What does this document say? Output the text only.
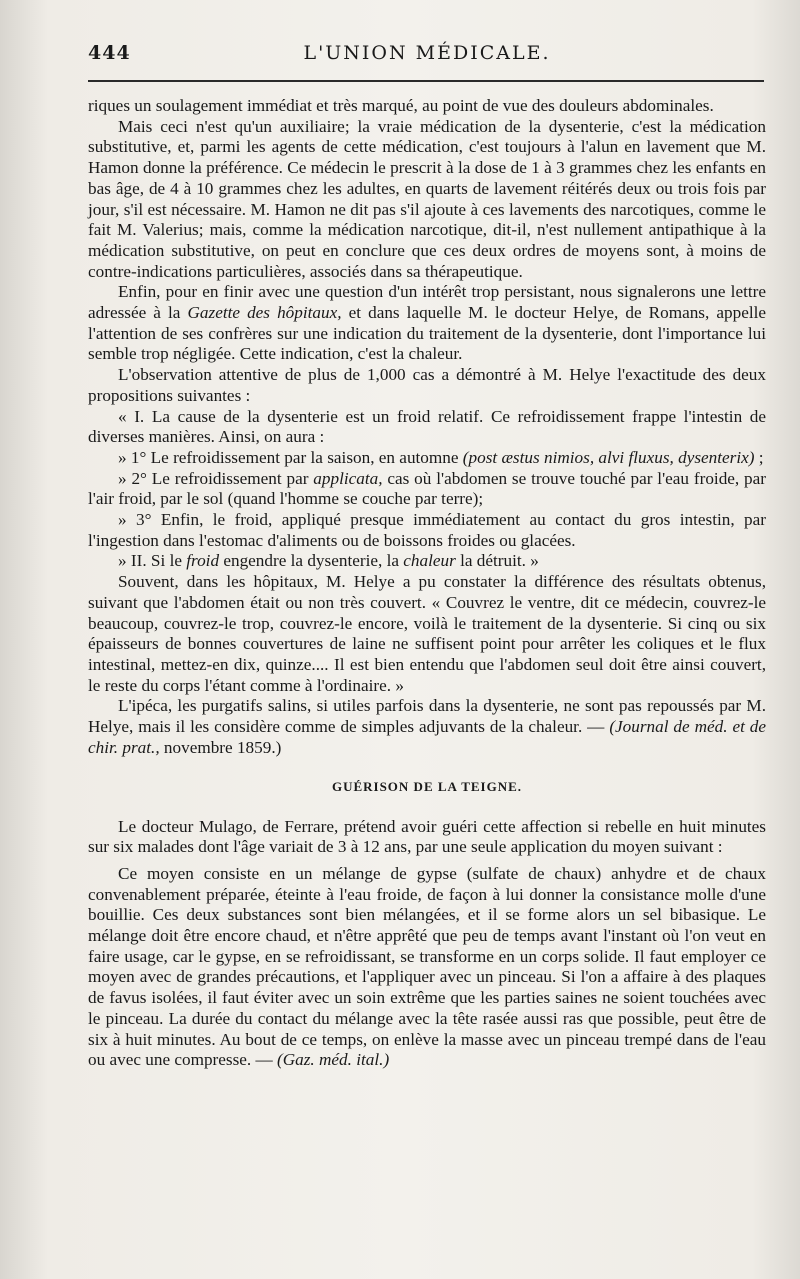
444	L'UNION MÉDICALE.

riques un soulagement immédiat et très marqué, au point de vue des douleurs abdominales.

Mais ceci n'est qu'un auxiliaire; la vraie médication de la dysenterie, c'est la médication substitutive, et, parmi les agents de cette médication, c'est toujours à l'alun en lavement que M. Hamon donne la préférence. Ce médecin le prescrit à la dose de 1 à 3 grammes chez les enfants en bas âge, de 4 à 10 grammes chez les adultes, en quarts de lavement réitérés deux ou trois fois par jour, s'il est nécessaire. M. Hamon ne dit pas s'il ajoute à ces lavements des narcotiques, comme le fait M. Valerius; mais, comme la médication narcotique, dit-il, n'est nullement antipathique à la médication substitutive, on peut en conclure que ces deux ordres de moyens sont, à moins de contre-indications particulières, associés dans sa thérapeutique.

Enfin, pour en finir avec une question d'un intérêt trop persistant, nous signalerons une lettre adressée à la Gazette des hôpitaux, et dans laquelle M. le docteur Helye, de Romans, appelle l'attention de ses confrères sur une indication du traitement de la dysenterie, dont l'importance lui semble trop négligée. Cette indication, c'est la chaleur.

L'observation attentive de plus de 1,000 cas a démontré à M. Helye l'exactitude des deux propositions suivantes :

« I. La cause de la dysenterie est un froid relatif. Ce refroidissement frappe l'intestin de diverses manières. Ainsi, on aura :

» 1° Le refroidissement par la saison, en automne (post æstus nimios, alvi fluxus, dysenterix) ;

» 2° Le refroidissement par applicata, cas où l'abdomen se trouve touché par l'eau froide, par l'air froid, par le sol (quand l'homme se couche par terre);

» 3° Enfin, le froid, appliqué presque immédiatement au contact du gros intestin, par l'ingestion dans l'estomac d'aliments ou de boissons froides ou glacées.

» II. Si le froid engendre la dysenterie, la chaleur la détruit. »

Souvent, dans les hôpitaux, M. Helye a pu constater la différence des résultats obtenus, suivant que l'abdomen était ou non très couvert. « Couvrez le ventre, dit ce médecin, couvrez-le beaucoup, couvrez-le trop, couvrez-le encore, voilà le traitement de la dysenterie. Si cinq ou six épaisseurs de bonnes couvertures de laine ne suffisent point pour arrêter les coliques et le flux intestinal, mettez-en dix, quinze.... Il est bien entendu que l'abdomen seul doit être ainsi couvert, le reste du corps l'étant comme à l'ordinaire. »

L'ipéca, les purgatifs salins, si utiles parfois dans la dysenterie, ne sont pas repoussés par M. Helye, mais il les considère comme de simples adjuvants de la chaleur. — (Journal de méd. et de chir. prat., novembre 1859.)

GUÉRISON DE LA TEIGNE.

Le docteur Mulago, de Ferrare, prétend avoir guéri cette affection si rebelle en huit minutes sur six malades dont l'âge variait de 3 à 12 ans, par une seule application du moyen suivant :

Ce moyen consiste en un mélange de gypse (sulfate de chaux) anhydre et de chaux convenablement préparée, éteinte à l'eau froide, de façon à lui donner la consistance molle d'une bouillie. Ces deux substances sont bien mélangées, et il se forme alors un sel bibasique. Le mélange doit être encore chaud, et n'être apprêté que peu de temps avant l'instant où l'on veut en faire usage, car le gypse, en se refroidissant, se transforme en un corps solide. Il faut employer ce moyen avec de grandes précautions, et l'appliquer avec un pinceau. Si l'on a affaire à des plaques de favus isolées, il faut éviter avec un soin extrême que les parties saines ne soient touchées avec le pinceau. La durée du contact du mélange avec la tête rasée aussi ras que possible, peut être de six à huit minutes. Au bout de ce temps, on enlève la masse avec un pinceau trempé dans de l'eau ou avec une compresse. — (Gaz. méd. ital.)
